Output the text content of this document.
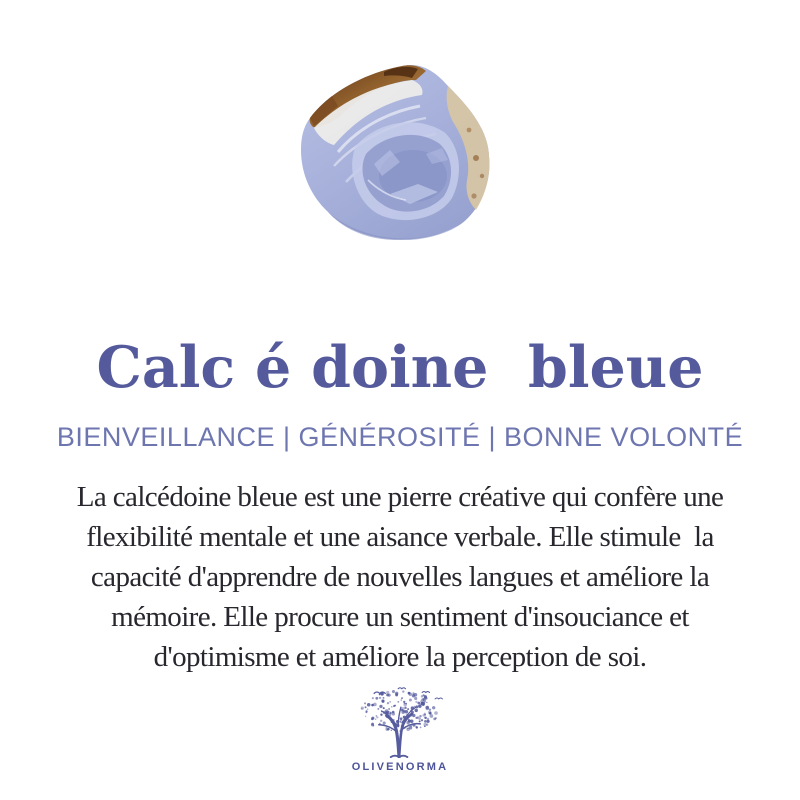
Calc é doine  bleue
BIENVEILLANCE | GÉNÉROSITÉ | BONNE VOLONTÉ
La calcédoine bleue est une pierre créative qui confère une
flexibilité mentale et une aisance verbale. Elle stimule  la
capacité d'apprendre de nouvelles langues et améliore la
mémoire. Elle procure un sentiment d'insouciance et
d'optimisme et améliore la perception de soi.
OLIVENORMA
